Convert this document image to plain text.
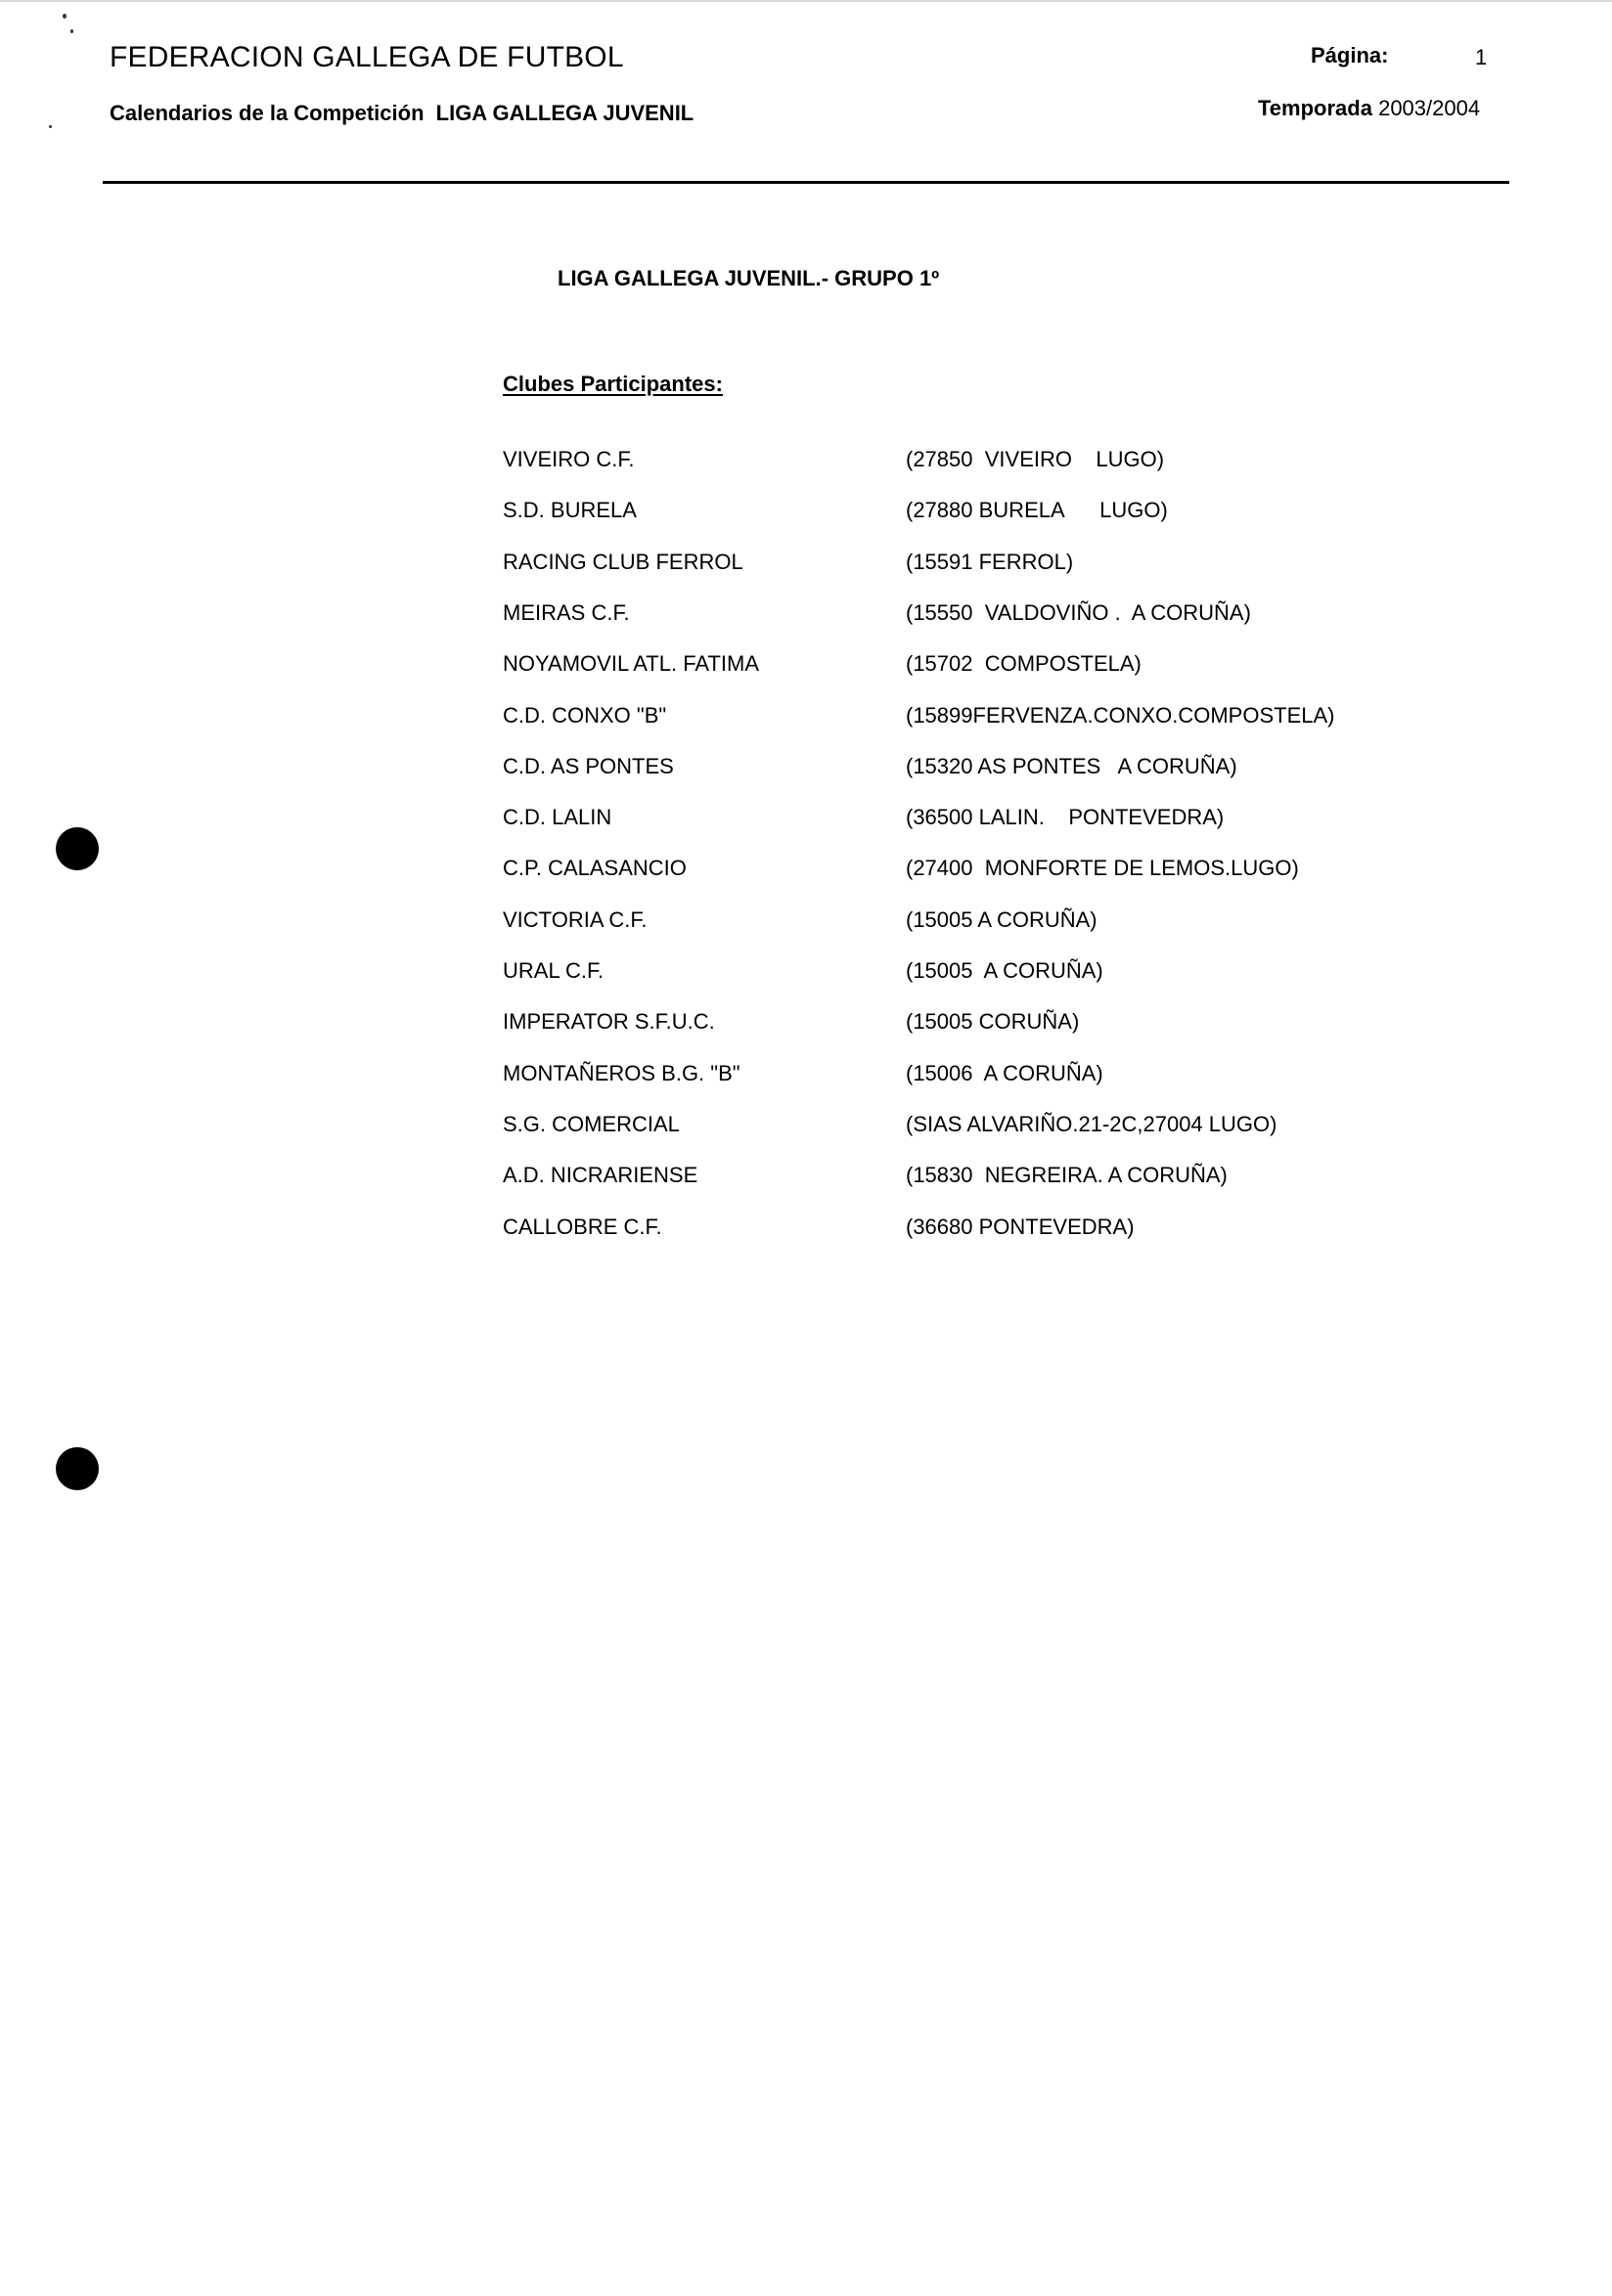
FEDERACION GALLEGA DE FUTBOL	Página:	1
Calendarios de la Competición LIGA GALLEGA JUVENIL	Temporada 2003/2004
LIGA GALLEGA JUVENIL.- GRUPO 1º
Clubes Participantes:
VIVEIRO C.F.	(27850  VIVEIRO    LUGO)
S.D. BURELA	(27880 BURELA      LUGO)
RACING CLUB FERROL	(15591 FERROL)
MEIRAS C.F.	(15550  VALDOVIÑO .  A CORUÑA)
NOYAMOVIL ATL. FATIMA	(15702  COMPOSTELA)
C.D. CONXO "B"	(15899FERVENZA.CONXO.COMPOSTELA)
C.D. AS PONTES	(15320 AS PONTES   A CORUÑA)
C.D. LALIN	(36500 LALIN.    PONTEVEDRA)
C.P. CALASANCIO	(27400  MONFORTE DE LEMOS.LUGO)
VICTORIA C.F.	(15005 A CORUÑA)
URAL C.F.	(15005  A CORUÑA)
IMPERATOR S.F.U.C.	(15005 CORUÑA)
MONTAÑEROS B.G. "B"	(15006  A CORUÑA)
S.G. COMERCIAL	(SIAS ALVARIÑO.21-2C,27004 LUGO)
A.D. NICRARIENSE	(15830  NEGREIRA. A CORUÑA)
CALLOBRE C.F.	(36680 PONTEVEDRA)
